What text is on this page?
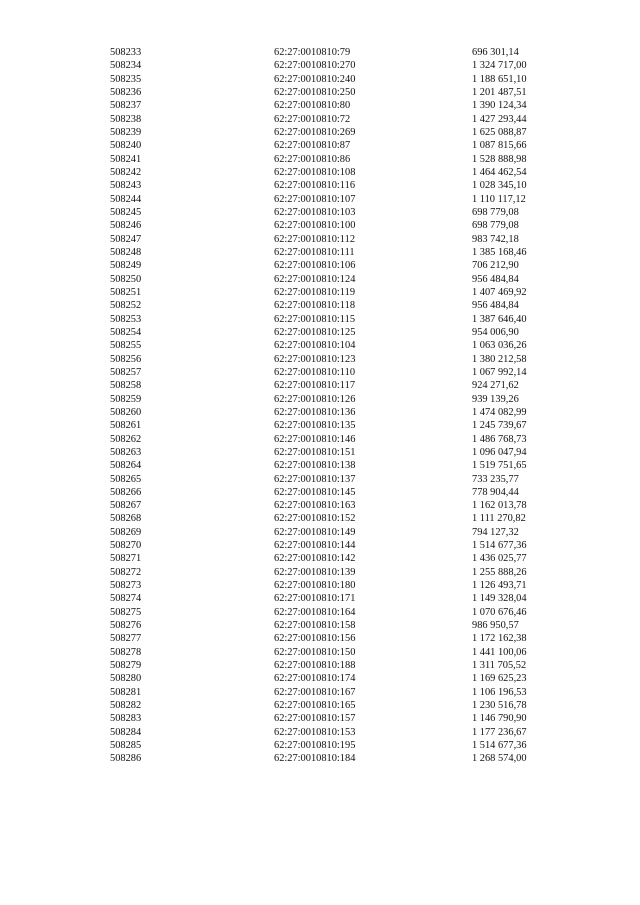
508233	62:27:0010810:79	696 301,14
508234	62:27:0010810:270	1 324 717,00
508235	62:27:0010810:240	1 188 651,10
508236	62:27:0010810:250	1 201 487,51
508237	62:27:0010810:80	1 390 124,34
508238	62:27:0010810:72	1 427 293,44
508239	62:27:0010810:269	1 625 088,87
508240	62:27:0010810:87	1 087 815,66
508241	62:27:0010810:86	1 528 888,98
508242	62:27:0010810:108	1 464 462,54
508243	62:27:0010810:116	1 028 345,10
508244	62:27:0010810:107	1 110 117,12
508245	62:27:0010810:103	698 779,08
508246	62:27:0010810:100	698 779,08
508247	62:27:0010810:112	983 742,18
508248	62:27:0010810:111	1 385 168,46
508249	62:27:0010810:106	706 212,90
508250	62:27:0010810:124	956 484,84
508251	62:27:0010810:119	1 407 469,92
508252	62:27:0010810:118	956 484,84
508253	62:27:0010810:115	1 387 646,40
508254	62:27:0010810:125	954 006,90
508255	62:27:0010810:104	1 063 036,26
508256	62:27:0010810:123	1 380 212,58
508257	62:27:0010810:110	1 067 992,14
508258	62:27:0010810:117	924 271,62
508259	62:27:0010810:126	939 139,26
508260	62:27:0010810:136	1 474 082,99
508261	62:27:0010810:135	1 245 739,67
508262	62:27:0010810:146	1 486 768,73
508263	62:27:0010810:151	1 096 047,94
508264	62:27:0010810:138	1 519 751,65
508265	62:27:0010810:137	733 235,77
508266	62:27:0010810:145	778 904,44
508267	62:27:0010810:163	1 162 013,78
508268	62:27:0010810:152	1 111 270,82
508269	62:27:0010810:149	794 127,32
508270	62:27:0010810:144	1 514 677,36
508271	62:27:0010810:142	1 436 025,77
508272	62:27:0010810:139	1 255 888,26
508273	62:27:0010810:180	1 126 493,71
508274	62:27:0010810:171	1 149 328,04
508275	62:27:0010810:164	1 070 676,46
508276	62:27:0010810:158	986 950,57
508277	62:27:0010810:156	1 172 162,38
508278	62:27:0010810:150	1 441 100,06
508279	62:27:0010810:188	1 311 705,52
508280	62:27:0010810:174	1 169 625,23
508281	62:27:0010810:167	1 106 196,53
508282	62:27:0010810:165	1 230 516,78
508283	62:27:0010810:157	1 146 790,90
508284	62:27:0010810:153	1 177 236,67
508285	62:27:0010810:195	1 514 677,36
508286	62:27:0010810:184	1 268 574,00
